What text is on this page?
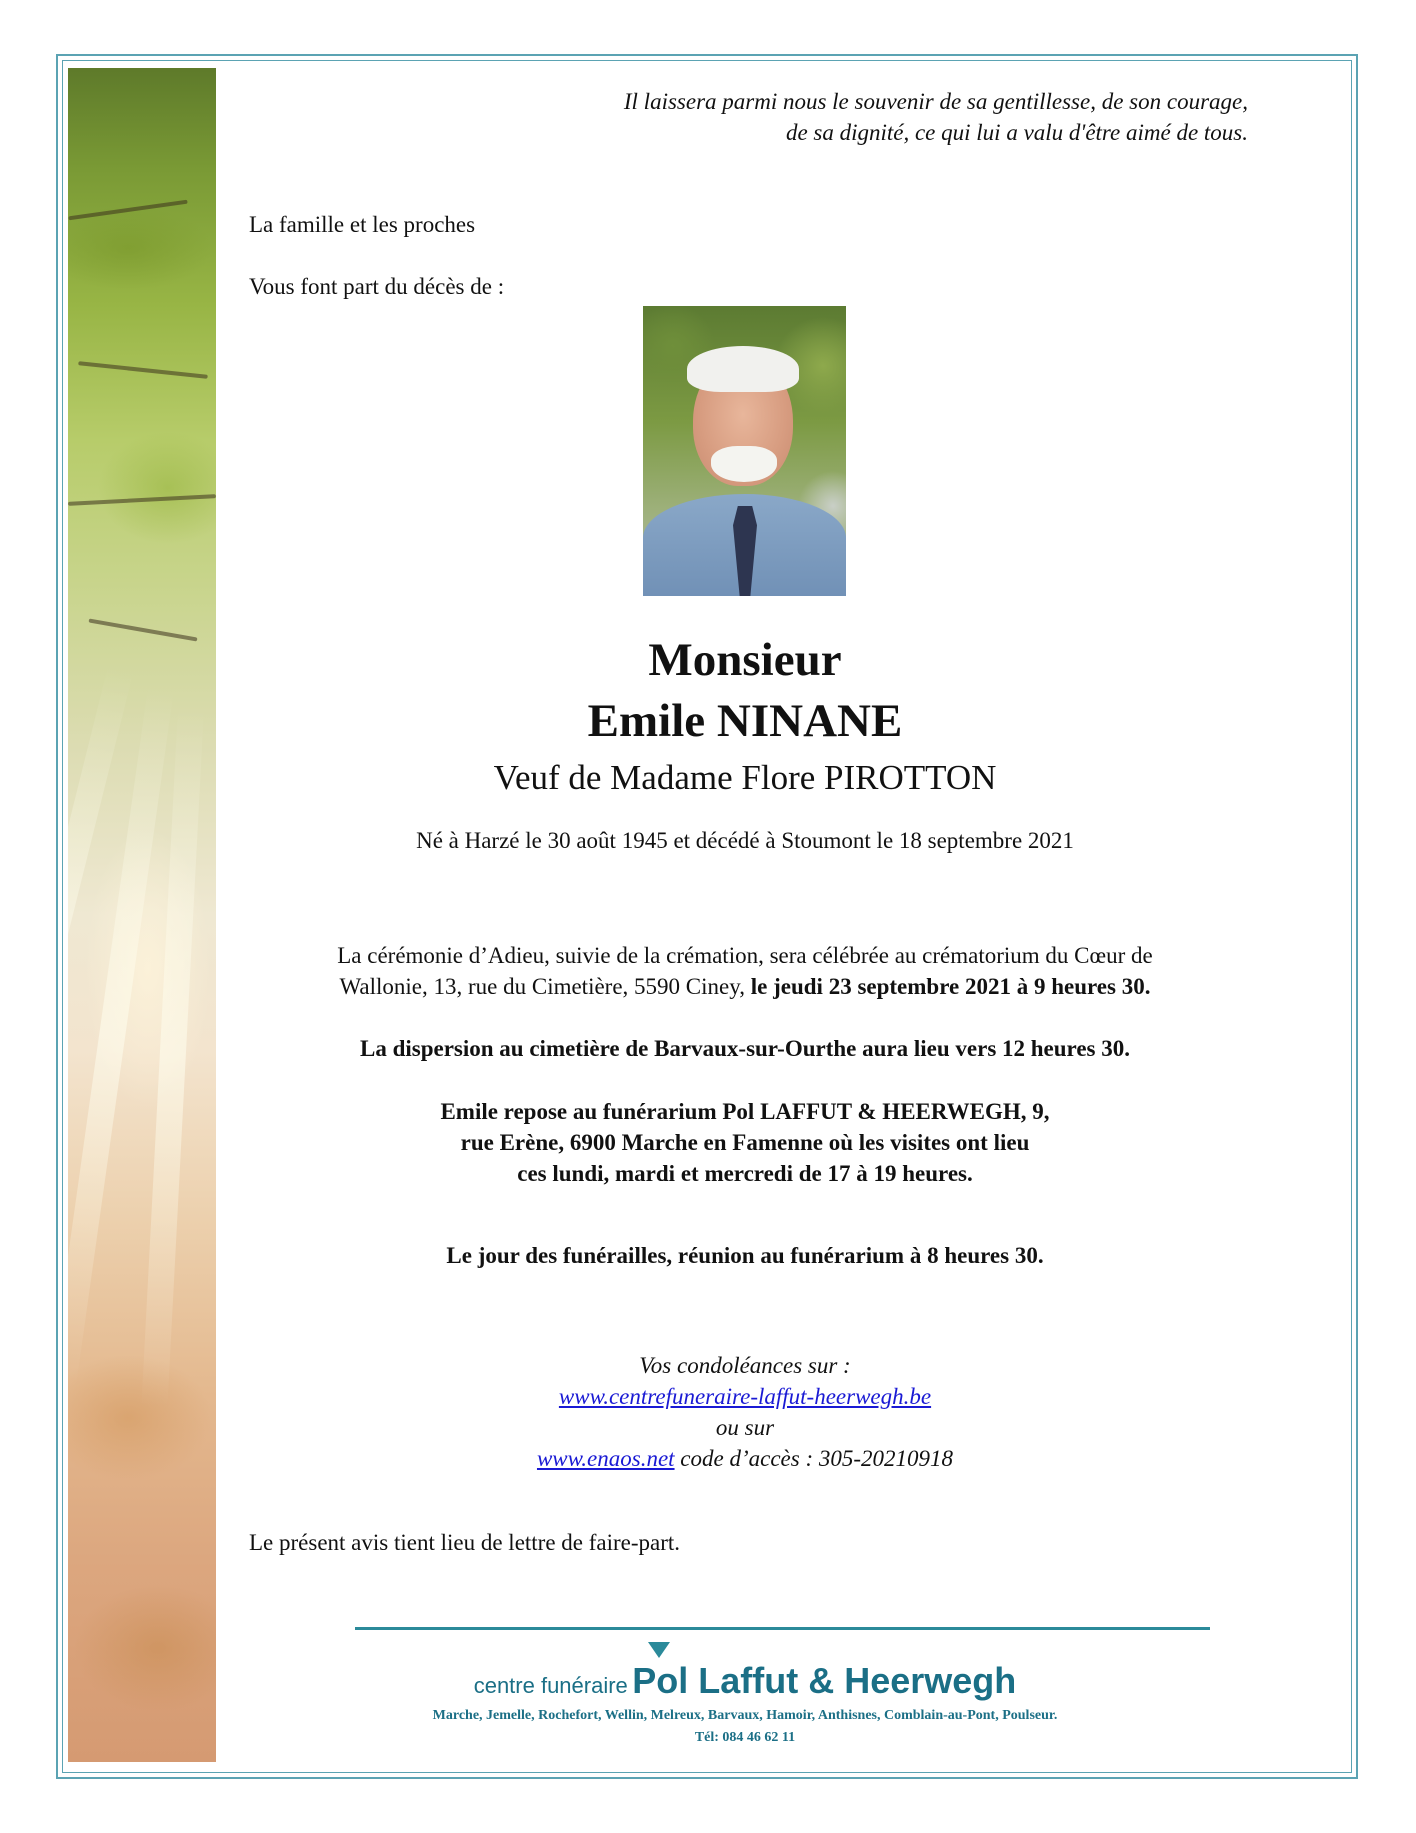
Il laissera parmi nous le souvenir de sa gentillesse, de son courage,
de sa dignité, ce qui lui a valu d'être aimé de tous.
La famille et les proches
Vous font part du décès de :
Monsieur
Emile NINANE
Veuf de Madame Flore PIROTTON
Né à Harzé le 30 août 1945 et décédé à Stoumont le 18 septembre 2021
La cérémonie d’Adieu, suivie de la crémation, sera célébrée au crématorium du Cœur de
Wallonie, 13, rue du Cimetière, 5590 Ciney, le jeudi 23 septembre 2021 à 9 heures 30.
La dispersion au cimetière de Barvaux-sur-Ourthe aura lieu vers 12 heures 30.
Emile repose au funérarium Pol LAFFUT & HEERWEGH, 9,
rue Erène, 6900 Marche en Famenne où les visites ont lieu
ces lundi, mardi et mercredi de 17 à 19 heures.
Le jour des funérailles, réunion au funérarium à 8 heures 30.
Vos condoléances sur :
www.centrefuneraire-laffut-heerwegh.be
ou sur
www.enaos.net code d’accès : 305-20210918
Le présent avis tient lieu de lettre de faire-part.
centre funéraire Pol Laffut & Heerwegh
Marche, Jemelle, Rochefort, Wellin, Melreux, Barvaux, Hamoir, Anthisnes, Comblain-au-Pont, Poulseur.
Tél: 084 46 62 11
